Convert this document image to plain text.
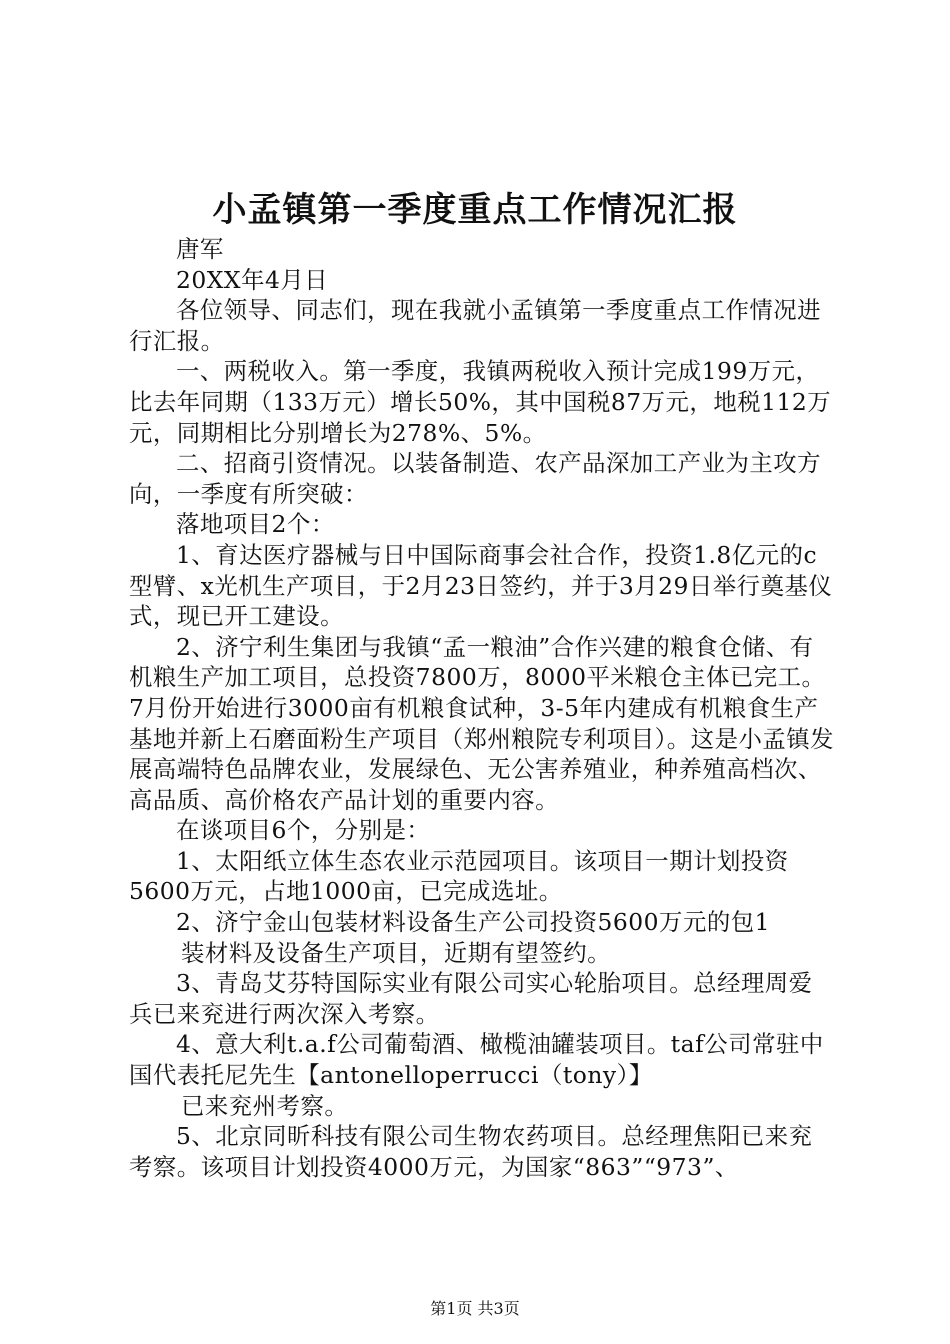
小孟镇第一季度重点工作情况汇报

唐军

20XX年4月日

各位领导、同志们，现在我就小孟镇第一季度重点工作情况进行汇报。

一、两税收入。第一季度，我镇两税收入预计完成199万元，比去年同期（133万元）增长50%，其中国税87万元，地税112万元，同期相比分别增长为278%、5%。

二、招商引资情况。以装备制造、农产品深加工产业为主攻方向，一季度有所突破：

落地项目2个：

1、育达医疗器械与日中国际商事会社合作，投资1.8亿元的c型臂、x光机生产项目，于2月23日签约，并于3月29日举行奠基仪式，现已开工建设。

2、济宁利生集团与我镇“孟一粮油”合作兴建的粮食仓储、有机粮生产加工项目，总投资7800万，8000平米粮仓主体已完工。7月份开始进行3000亩有机粮食试种，3-5年内建成有机粮食生产基地并新上石磨面粉生产项目（郑州粮院专利项目）。这是小孟镇发展高端特色品牌农业，发展绿色、无公害养殖业，种养殖高档次、高品质、高价格农产品计划的重要内容。

在谈项目6个，分别是：

1、太阳纸立体生态农业示范园项目。该项目一期计划投资5600万元，占地1000亩，已完成选址。

2、济宁金山包装材料设备生产公司投资5600万元的包1

装材料及设备生产项目，近期有望签约。

3、青岛艾芬特国际实业有限公司实心轮胎项目。总经理周爱兵已来兖进行两次深入考察。

4、意大利t.a.f公司葡萄酒、橄榄油罐装项目。taf公司常驻中国代表托尼先生【antonelloperrucci（tony）】

已来兖州考察。

5、北京同昕科技有限公司生物农药项目。总经理焦阳已来兖考察。该项目计划投资4000万元，为国家“863”“973”、

第1页 共3页
